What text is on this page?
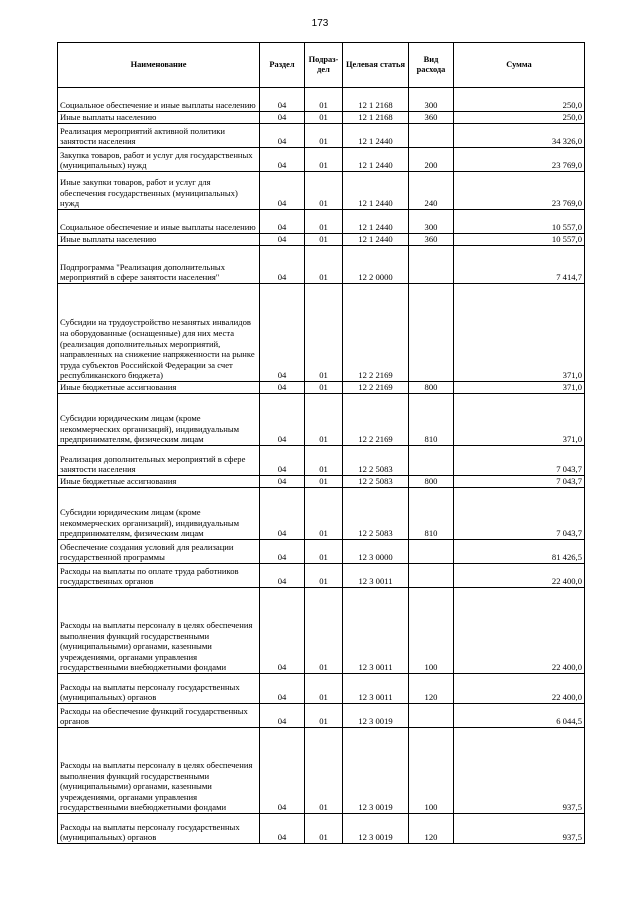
173
Наименование	Раздел	Подраз-дел	Целевая статья	Вид расхода	Сумма
Социальное обеспечение и иные выплаты населению	04	01	12 1 2168	300	250,0
Иные выплаты населению	04	01	12 1 2168	360	250,0
Реализация мероприятий активной политики занятости населения	04	01	12 1 2440		34 326,0
Закупка товаров, работ и услуг для государственных (муниципальных) нужд	04	01	12 1 2440	200	23 769,0
Иные закупки товаров, работ и услуг для обеспечения государственных (муниципальных) нужд	04	01	12 1 2440	240	23 769,0
Социальное обеспечение и иные выплаты населению	04	01	12 1 2440	300	10 557,0
Иные выплаты населению	04	01	12 1 2440	360	10 557,0
Подпрограмма "Реализация дополнительных мероприятий в сфере занятости населения"	04	01	12 2 0000		7 414,7
Субсидии на трудоустройство незанятых инвалидов на оборудованные (оснащенные) для них места (реализация дополнительных мероприятий, направленных на снижение напряженности на рынке труда субъектов Российской Федерации за счет республиканского бюджета)	04	01	12 2 2169		371,0
Иные бюджетные ассигнования	04	01	12 2 2169	800	371,0
Субсидии юридическим лицам (кроме некоммерческих организаций), индивидуальным предпринимателям, физическим лицам	04	01	12 2 2169	810	371,0
Реализация дополнительных мероприятий в сфере занятости населения	04	01	12 2 5083		7 043,7
Иные бюджетные ассигнования	04	01	12 2 5083	800	7 043,7
Субсидии юридическим лицам (кроме некоммерческих организаций), индивидуальным предпринимателям, физическим лицам	04	01	12 2 5083	810	7 043,7
Обеспечение создания условий для реализации государственной программы	04	01	12 3 0000		81 426,5
Расходы на выплаты по оплате труда работников государственных органов	04	01	12 3 0011		22 400,0
Расходы на выплаты персоналу в целях обеспечения выполнения функций государственными (муниципальными) органами, казенными учреждениями, органами управления государственными внебюджетными фондами	04	01	12 3 0011	100	22 400,0
Расходы на выплаты персоналу государственных (муниципальных) органов	04	01	12 3 0011	120	22 400,0
Расходы на обеспечение функций государственных органов	04	01	12 3 0019		6 044,5
Расходы на выплаты персоналу в целях обеспечения выполнения функций государственными (муниципальными) органами, казенными учреждениями, органами управления государственными внебюджетными фондами	04	01	12 3 0019	100	937,5
Расходы на выплаты персоналу государственных (муниципальных) органов	04	01	12 3 0019	120	937,5
